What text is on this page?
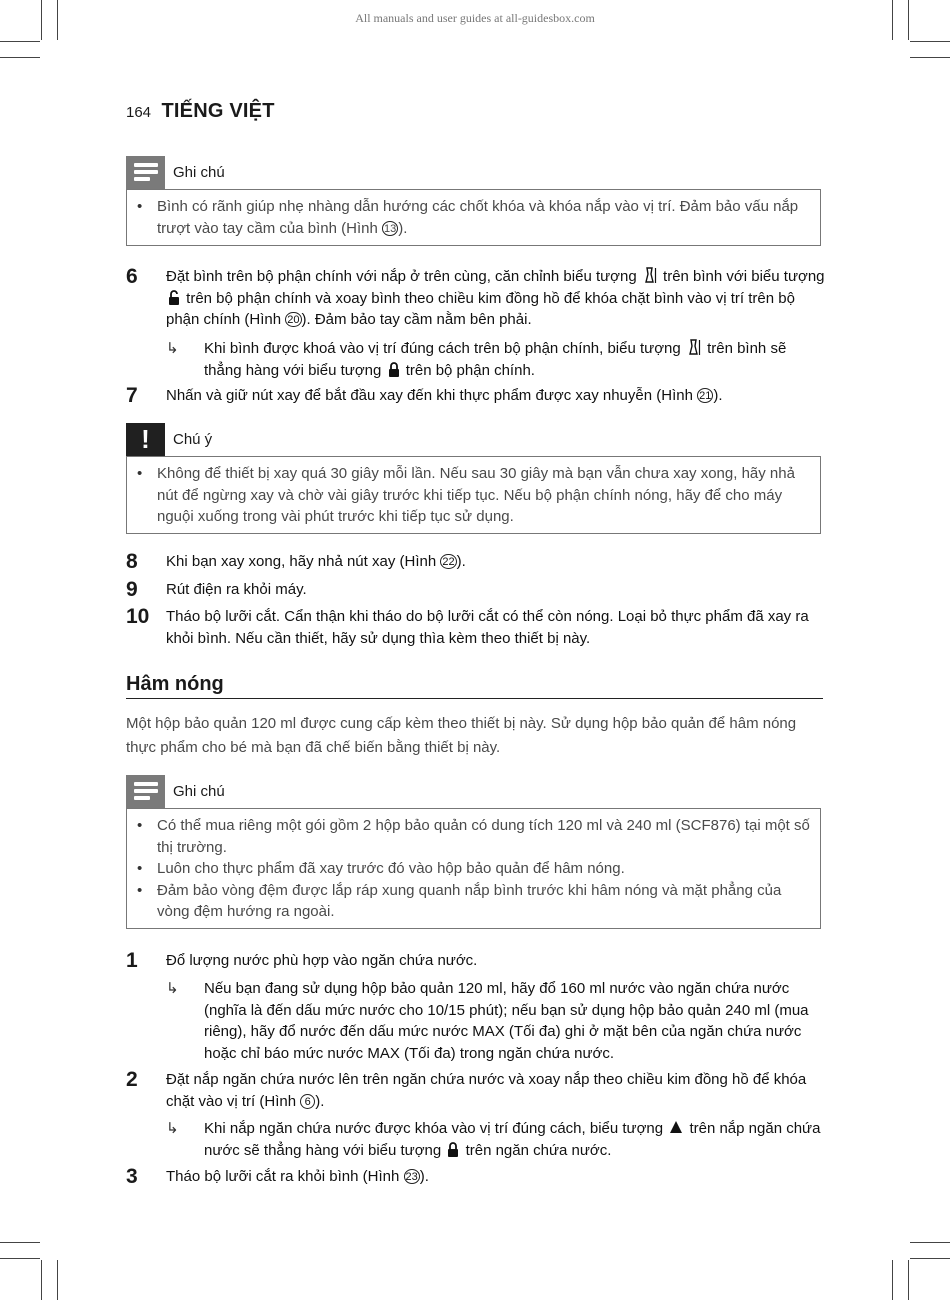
All manuals and user guides at all-guidesbox.com
164 TIẾNG VIỆT
Ghi chú
• Bình có rãnh giúp nhẹ nhàng dẫn hướng các chốt khóa và khóa nắp vào vị trí. Đảm bảo vấu nắp trượt vào tay cầm của bình (Hình 13 ).
6	Đặt bình trên bộ phận chính với nắp ở trên cùng, căn chỉnh biểu tượng trên bình với biểu tượng  trên bộ phận chính và xoay bình theo chiều kim đồng hồ để khóa chặt bình vào vị trí trên bộ phận chính (Hình 20 ). Đảm bảo tay cầm nằm bên phải.
↳	Khi bình được khoá vào vị trí đúng cách trên bộ phận chính, biểu tượng trên bình sẽ thẳng hàng với biểu tượng trên bộ phận chính.
7	Nhấn và giữ nút xay để bắt đầu xay đến khi thực phẩm được xay nhuyễn (Hình 21 ).
!	Chú ý
• Không để thiết bị xay quá 30 giây mỗi lần. Nếu sau 30 giây mà bạn vẫn chưa xay xong, hãy nhả nút để ngừng xay và chờ vài giây trước khi tiếp tục. Nếu bộ phận chính nóng, hãy để cho máy nguội xuống trong vài phút trước khi tiếp tục sử dụng.
8	Khi bạn xay xong, hãy nhả nút xay (Hình 22 ).
9	Rút điện ra khỏi máy.
10	Tháo bộ lưỡi cắt. Cẩn thận khi tháo do bộ lưỡi cắt có thể còn nóng. Loại bỏ thực phẩm đã xay ra khỏi bình. Nếu cần thiết, hãy sử dụng thìa kèm theo thiết bị này.
Hâm nóng
Một hộp bảo quản 120 ml được cung cấp kèm theo thiết bị này. Sử dụng hộp bảo quản để hâm nóng thực phẩm cho bé mà bạn đã chế biến bằng thiết bị này.
Ghi chú
• Có thể mua riêng một gói gồm 2 hộp bảo quản có dung tích 120 ml và 240 ml (SCF876) tại một số thị trường.
• Luôn cho thực phẩm đã xay trước đó vào hộp bảo quản để hâm nóng.
• Đảm bảo vòng đệm được lắp ráp xung quanh nắp bình trước khi hâm nóng và mặt phẳng của vòng đệm hướng ra ngoài.
1	Đổ lượng nước phù hợp vào ngăn chứa nước.
↳	Nếu bạn đang sử dụng hộp bảo quản 120 ml, hãy đổ 160 ml nước vào ngăn chứa nước (nghĩa là đến dấu mức nước cho 10/15 phút); nếu bạn sử dụng hộp bảo quản 240 ml (mua riêng), hãy đổ nước đến dấu mức nước MAX (Tối đa) ghi ở mặt bên của ngăn chứa nước hoặc chỉ báo mức nước MAX (Tối đa) trong ngăn chứa nước.
2	Đặt nắp ngăn chứa nước lên trên ngăn chứa nước và xoay nắp theo chiều kim đồng hồ để khóa chặt vào vị trí (Hình 6 ).
↳	Khi nắp ngăn chứa nước được khóa vào vị trí đúng cách, biểu tượng trên nắp ngăn chứa nước sẽ thẳng hàng với biểu tượng trên ngăn chứa nước.
3	Tháo bộ lưỡi cắt ra khỏi bình (Hình 23 ).
